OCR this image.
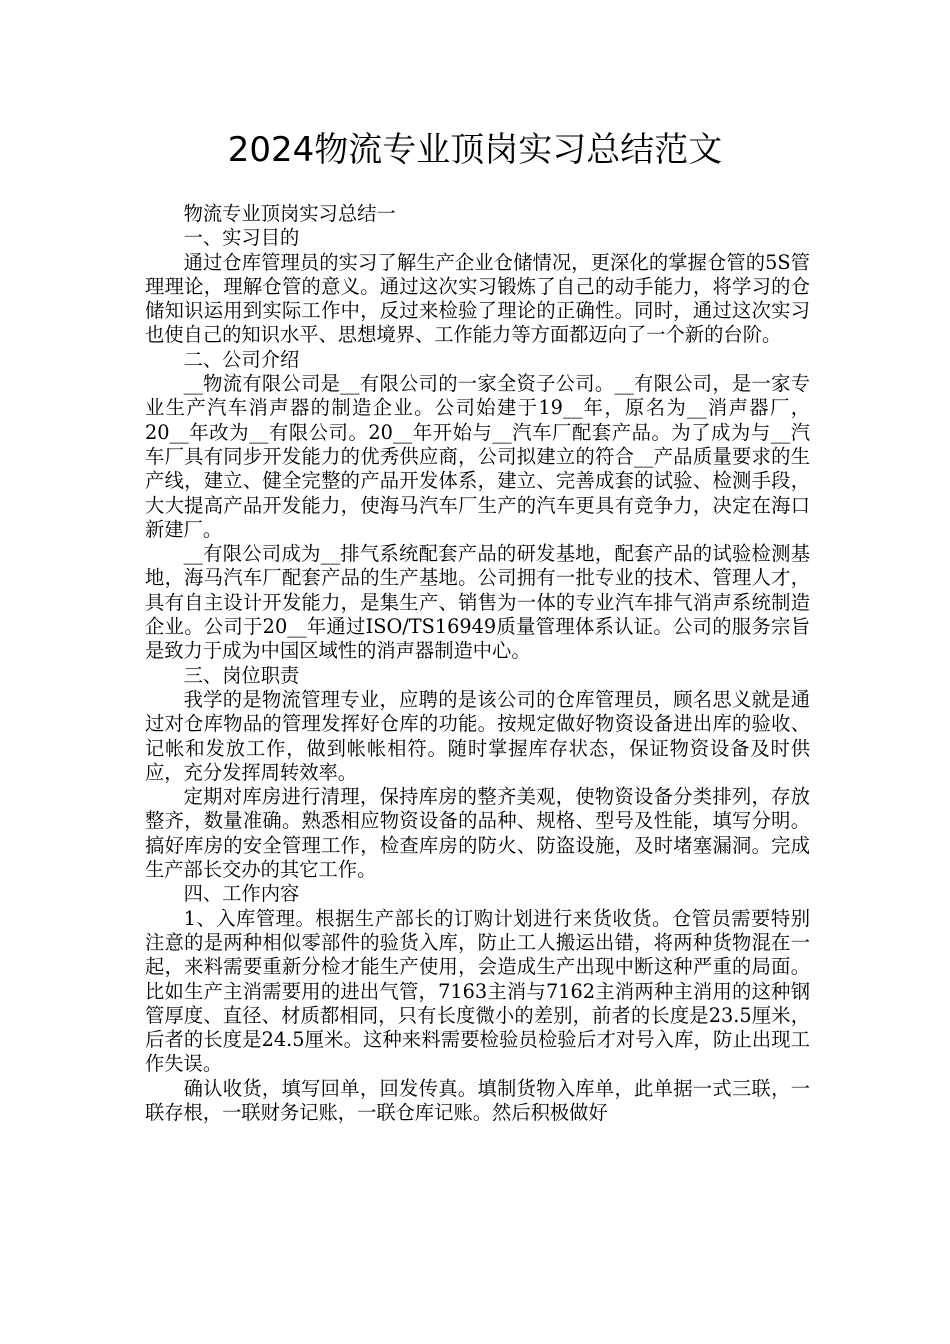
2024物流专业顶岗实习总结范文

物流专业顶岗实习总结一

一、实习目的

通过仓库管理员的实习了解生产企业仓储情况，更深化的掌握仓管的5S管理理论，理解仓管的意义。通过这次实习锻炼了自己的动手能力，将学习的仓储知识运用到实际工作中，反过来检验了理论的正确性。同时，通过这次实习也使自己的知识水平、思想境界、工作能力等方面都迈向了一个新的台阶。

二、公司介绍

__物流有限公司是__有限公司的一家全资子公司。__有限公司，是一家专业生产汽车消声器的制造企业。公司始建于19__年，原名为__消声器厂，20__年改为__有限公司。20__年开始与__汽车厂配套产品。为了成为与__汽车厂具有同步开发能力的优秀供应商，公司拟建立的符合__产品质量要求的生产线，建立、健全完整的产品开发体系，建立、完善成套的试验、检测手段，大大提高产品开发能力，使海马汽车厂生产的汽车更具有竞争力，决定在海口新建厂。

__有限公司成为__排气系统配套产品的研发基地，配套产品的试验检测基地，海马汽车厂配套产品的生产基地。公司拥有一批专业的技术、管理人才，具有自主设计开发能力，是集生产、销售为一体的专业汽车排气消声系统制造企业。公司于20__年通过ISO/TS16949质量管理体系认证。公司的服务宗旨是致力于成为中国区域性的消声器制造中心。

三、岗位职责

我学的是物流管理专业，应聘的是该公司的仓库管理员，顾名思义就是通过对仓库物品的管理发挥好仓库的功能。按规定做好物资设备进出库的验收、记帐和发放工作，做到帐帐相符。随时掌握库存状态，保证物资设备及时供应，充分发挥周转效率。

定期对库房进行清理，保持库房的整齐美观，使物资设备分类排列，存放整齐，数量准确。熟悉相应物资设备的品种、规格、型号及性能，填写分明。搞好库房的安全管理工作，检查库房的防火、防盗设施，及时堵塞漏洞。完成生产部长交办的其它工作。

四、工作内容

1、入库管理。根据生产部长的订购计划进行来货收货。仓管员需要特别注意的是两种相似零部件的验货入库，防止工人搬运出错，将两种货物混在一起，来料需要重新分检才能生产使用，会造成生产出现中断这种严重的局面。比如生产主消需要用的进出气管，7163主消与7162主消两种主消用的这种钢管厚度、直径、材质都相同，只有长度微小的差别，前者的长度是23.5厘米，后者的长度是24.5厘米。这种来料需要检验员检验后才对号入库，防止出现工作失误。

确认收货，填写回单，回发传真。填制货物入库单，此单据一式三联，一联存根，一联财务记账，一联仓库记账。然后积极做好
